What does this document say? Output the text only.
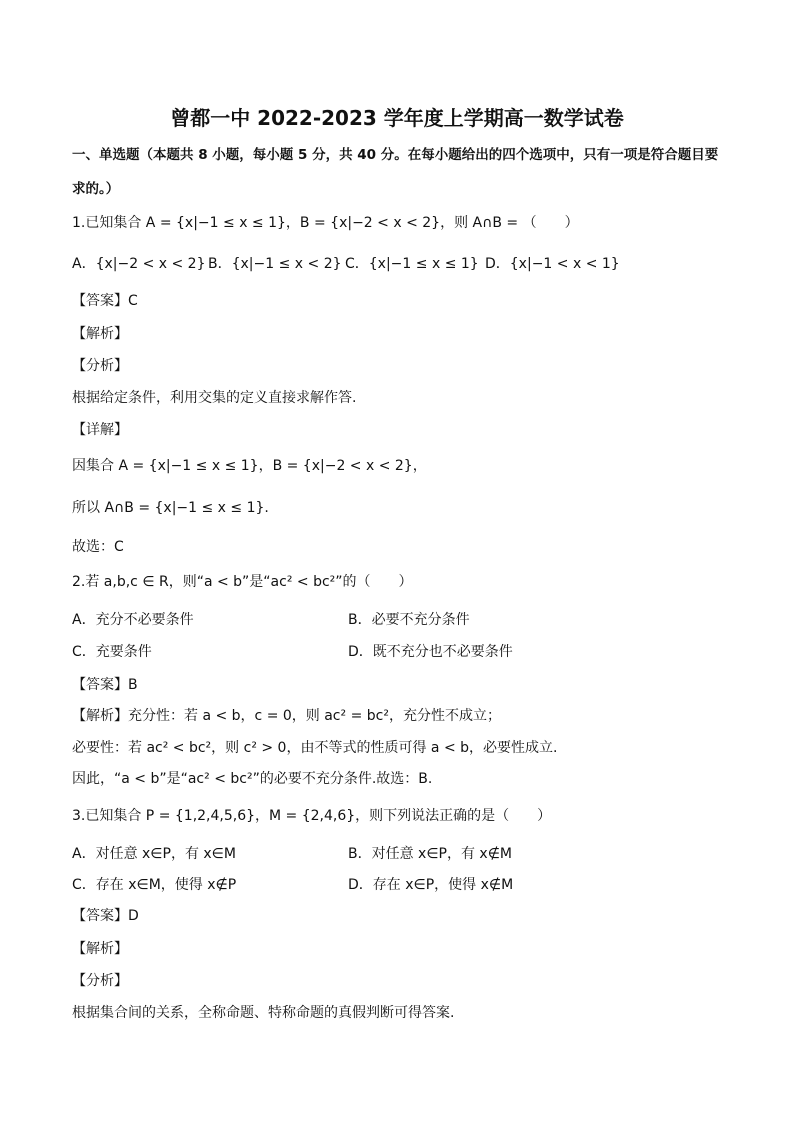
曾都一中 2022-2023 学年度上学期高一数学试卷
一、单选题（本题共 8 小题，每小题 5 分，共 40 分。在每小题给出的四个选项中，只有一项是符合题目要
求的。）
1.已知集合 A = {x|−1 ≤ x ≤ 1}，B = {x|−2 < x < 2}，则 A∩B = （　　）
A．{x|−2 < x < 2} B．{x|−1 ≤ x < 2} C．{x|−1 ≤ x ≤ 1} D．{x|−1 < x < 1}
【答案】C
【解析】
【分析】
根据给定条件，利用交集的定义直接求解作答.
【详解】
因集合 A = {x|−1 ≤ x ≤ 1}，B = {x|−2 < x < 2}，
所以 A∩B = {x|−1 ≤ x ≤ 1}.
故选：C
2.若 a,b,c ∈ R，则“a < b”是“ac² < bc²”的（　　）
A．充分不必要条件	B．必要不充分条件
C．充要条件	D．既不充分也不必要条件
【答案】B
【解析】充分性：若 a < b，c = 0，则 ac² = bc²，充分性不成立；
必要性：若 ac² < bc²，则 c² > 0，由不等式的性质可得 a < b，必要性成立.
因此，“a < b”是“ac² < bc²”的必要不充分条件.故选：B.
3.已知集合 P = {1,2,4,5,6}，M = {2,4,6}，则下列说法正确的是（　　）
A．对任意 x∈P，有 x∈M	B．对任意 x∈P，有 x∉M
C．存在 x∈M，使得 x∉P	D．存在 x∈P，使得 x∉M
【答案】D
【解析】
【分析】
根据集合间的关系，全称命题、特称命题的真假判断可得答案.
